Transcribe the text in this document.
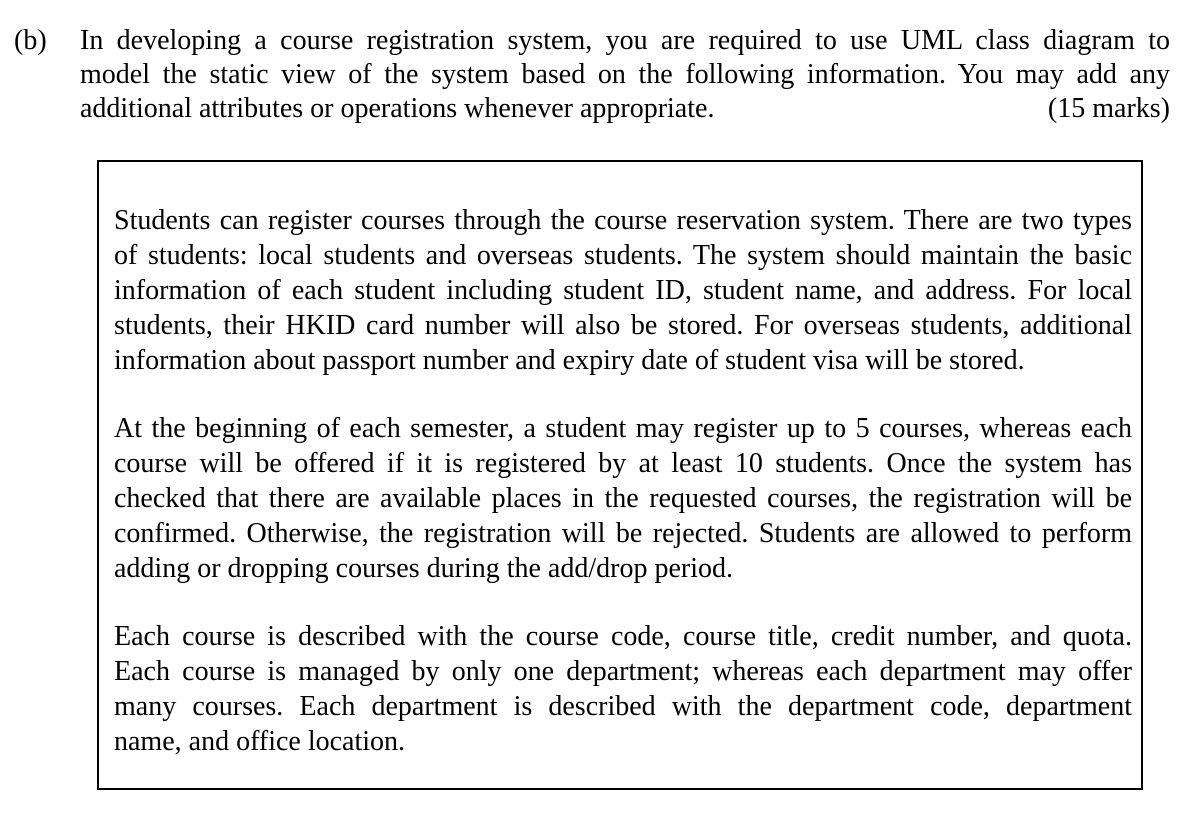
(b) In developing a course registration system, you are required to use UML class diagram to
model the static view of the system based on the following information. You may add any
additional attributes or operations whenever appropriate.	(15 marks)
Students can register courses through the course reservation system. There are two types
of students: local students and overseas students. The system should maintain the basic
information of each student including student ID, student name, and address. For local
students, their HKID card number will also be stored. For overseas students, additional
information about passport number and expiry date of student visa will be stored.
At the beginning of each semester, a student may register up to 5 courses, whereas each
course will be offered if it is registered by at least 10 students. Once the system has
checked that there are available places in the requested courses, the registration will be
confirmed. Otherwise, the registration will be rejected. Students are allowed to perform
adding or dropping courses during the add/drop period.
Each course is described with the course code, course title, credit number, and quota.
Each course is managed by only one department; whereas each department may offer
many courses. Each department is described with the department code, department
name, and office location.
